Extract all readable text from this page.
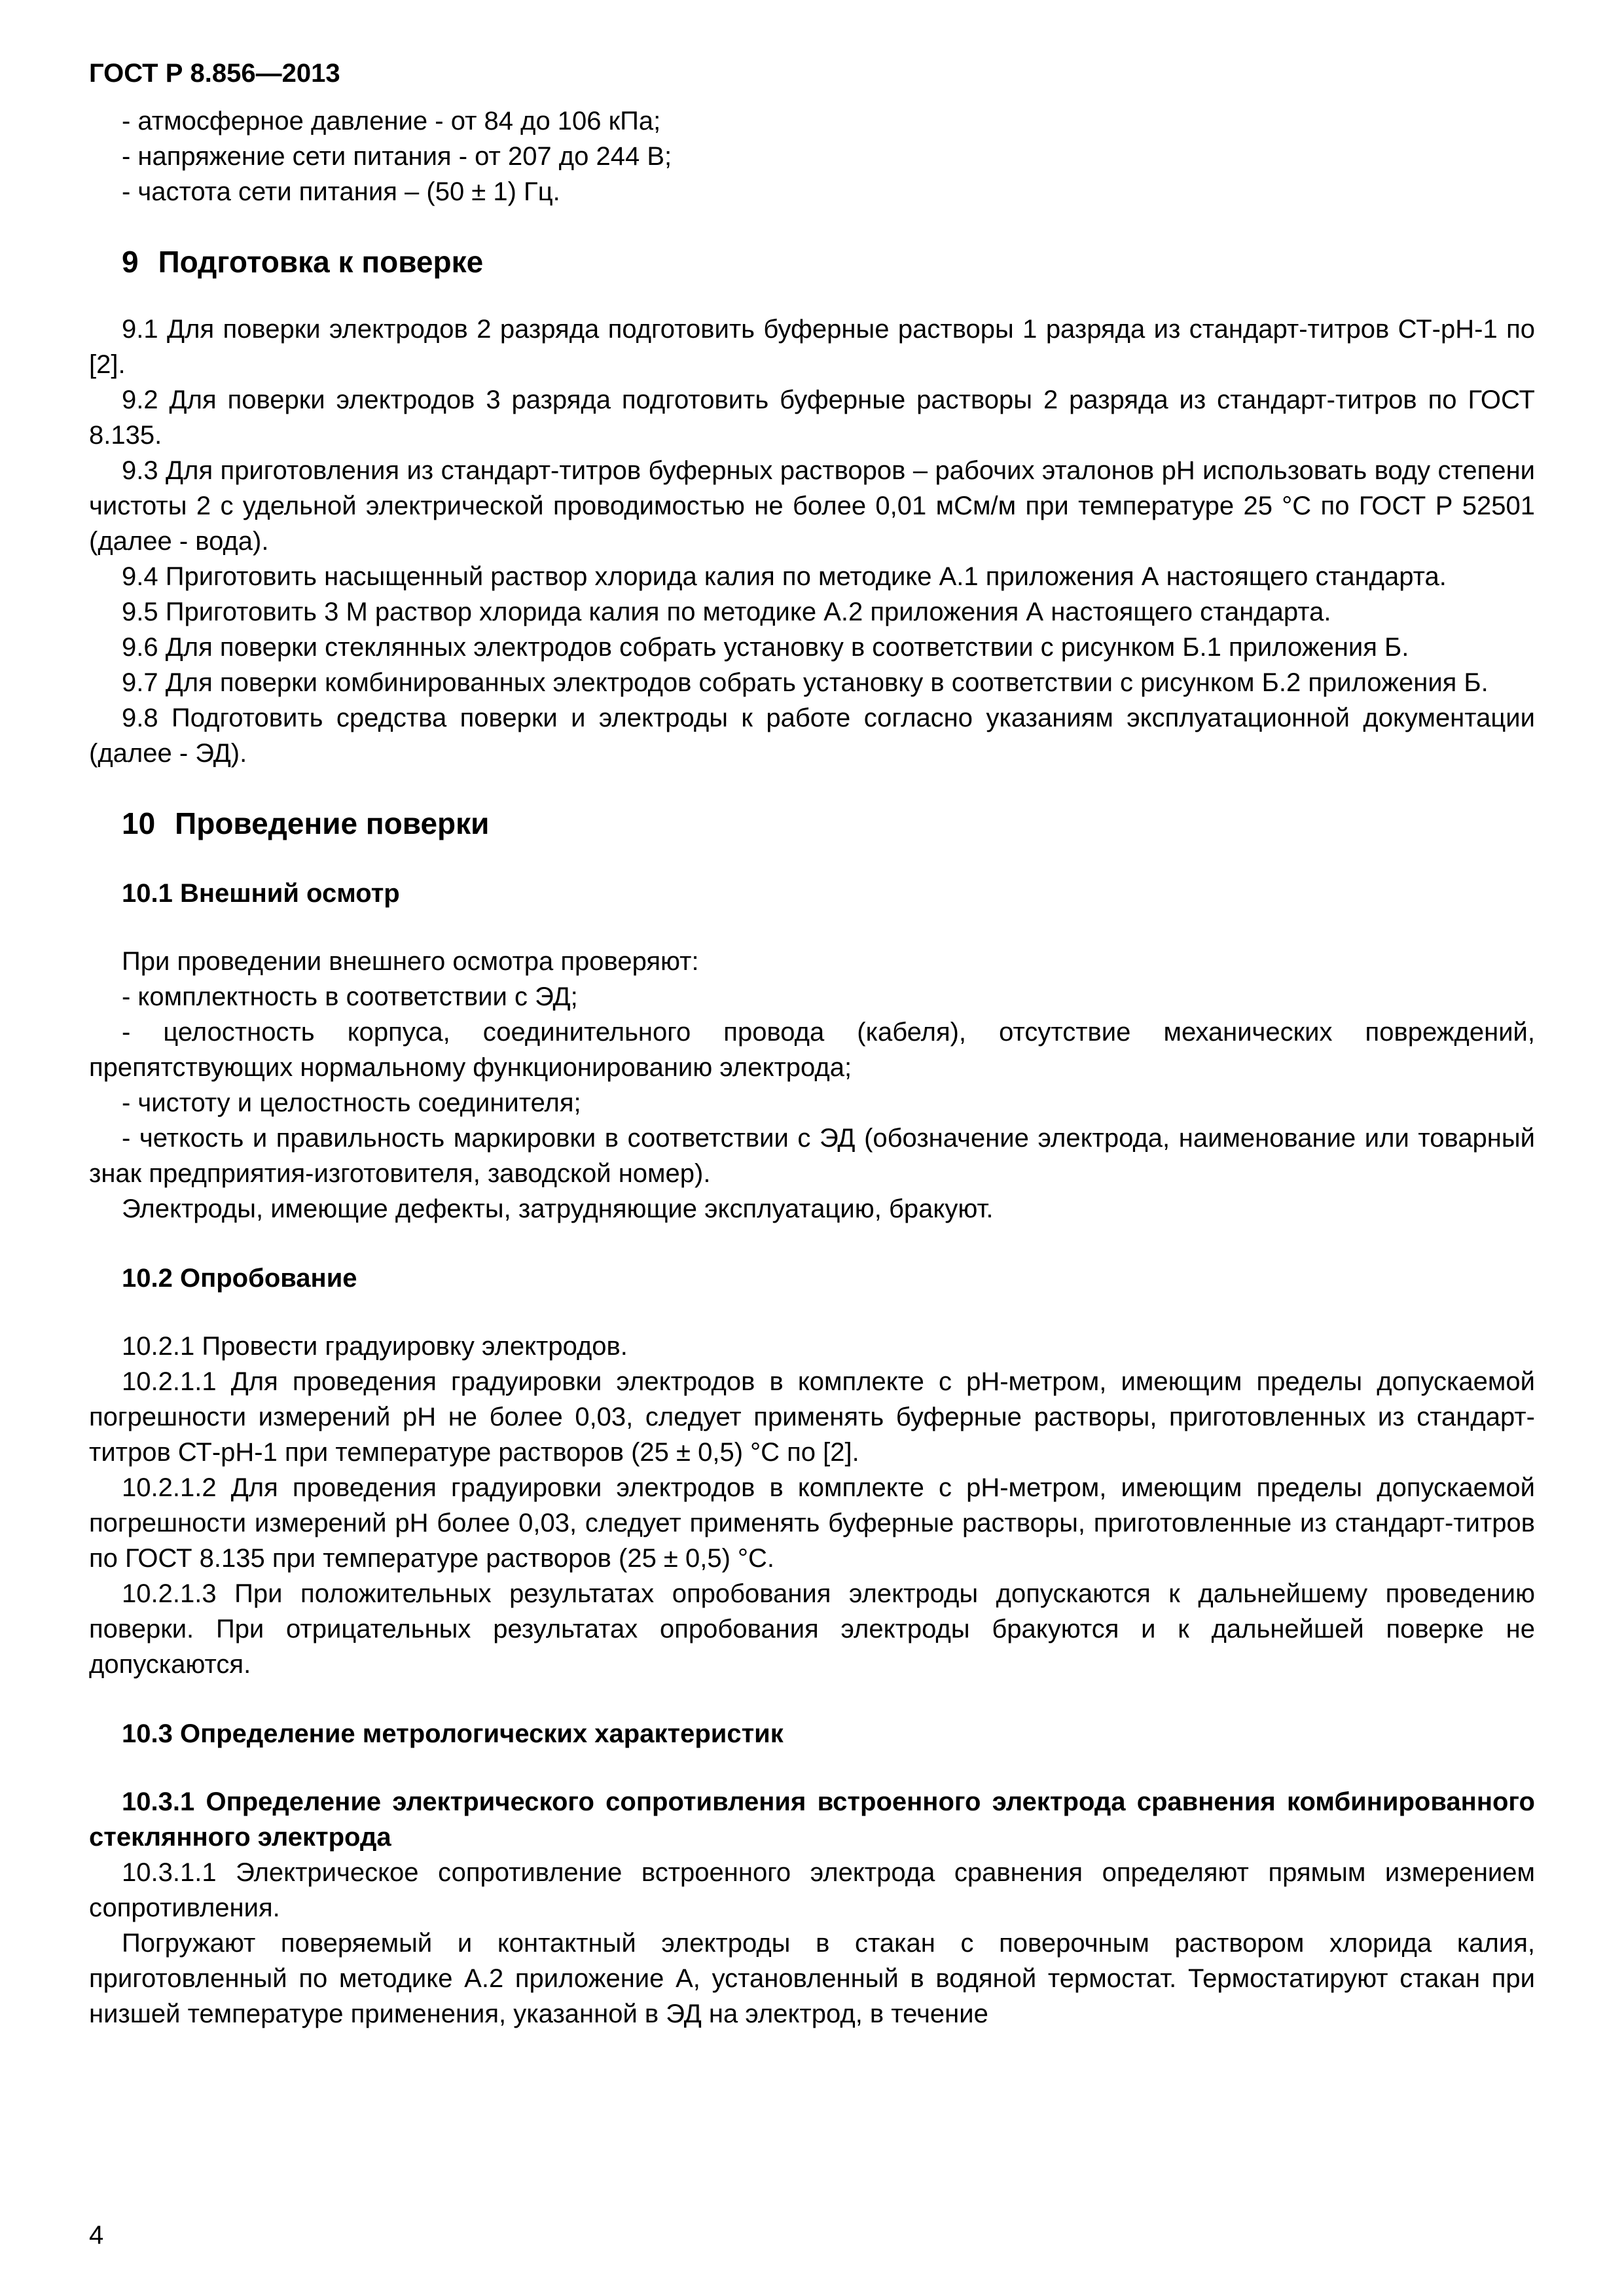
ГОСТ Р 8.856—2013
- атмосферное давление - от 84 до 106 кПа;
- напряжение сети питания - от 207 до 244 В;
- частота сети питания – (50 ± 1) Гц.
9 Подготовка к поверке
9.1 Для поверки электродов 2 разряда подготовить буферные растворы 1 разряда из стандарт-титров СТ-рН-1 по [2].
9.2 Для поверки электродов 3 разряда подготовить буферные растворы 2 разряда из стандарт-титров по ГОСТ 8.135.
9.3 Для приготовления из стандарт-титров буферных растворов – рабочих эталонов рН использовать воду степени чистоты 2 с удельной электрической проводимостью не более 0,01 мСм/м при температуре 25 °С по ГОСТ Р 52501 (далее - вода).
9.4 Приготовить насыщенный раствор хлорида калия по методике А.1 приложения А настоящего стандарта.
9.5 Приготовить 3 М раствор хлорида калия по методике А.2 приложения А настоящего стандарта.
9.6 Для поверки стеклянных электродов собрать установку в соответствии с рисунком Б.1 приложения Б.
9.7 Для поверки комбинированных электродов собрать установку в соответствии с рисунком Б.2 приложения Б.
9.8 Подготовить средства поверки и электроды к работе согласно указаниям эксплуатационной документации (далее - ЭД).
10 Проведение поверки
10.1 Внешний осмотр
При проведении внешнего осмотра проверяют:
- комплектность в соответствии с ЭД;
- целостность корпуса, соединительного провода (кабеля), отсутствие механических повреждений, препятствующих нормальному функционированию электрода;
- чистоту и целостность соединителя;
- четкость и правильность маркировки в соответствии с ЭД (обозначение электрода, наименование или товарный знак предприятия-изготовителя, заводской номер).
Электроды, имеющие дефекты, затрудняющие эксплуатацию, бракуют.
10.2 Опробование
10.2.1 Провести градуировку электродов.
10.2.1.1 Для проведения градуировки электродов в комплекте с рН-метром, имеющим пределы допускаемой погрешности измерений рН не более 0,03, следует применять буферные растворы, приготовленных из стандарт-титров СТ-рН-1 при температуре растворов (25 ± 0,5) °С по [2].
10.2.1.2 Для проведения градуировки электродов в комплекте с рН-метром, имеющим пределы допускаемой погрешности измерений рН более 0,03, следует применять буферные растворы, приготовленные из стандарт-титров по ГОСТ 8.135 при температуре растворов (25 ± 0,5) °С.
10.2.1.3 При положительных результатах опробования электроды допускаются к дальнейшему проведению поверки. При отрицательных результатах опробования электроды бракуются и к дальнейшей поверке не допускаются.
10.3 Определение метрологических характеристик
10.3.1 Определение электрического сопротивления встроенного электрода сравнения комбинированного стеклянного электрода
10.3.1.1 Электрическое сопротивление встроенного электрода сравнения определяют прямым измерением сопротивления.
Погружают поверяемый и контактный электроды в стакан с поверочным раствором хлорида калия, приготовленный по методике А.2 приложение А, установленный в водяной термостат. Термостатируют стакан при низшей температуре применения, указанной в ЭД на электрод, в течение
4
